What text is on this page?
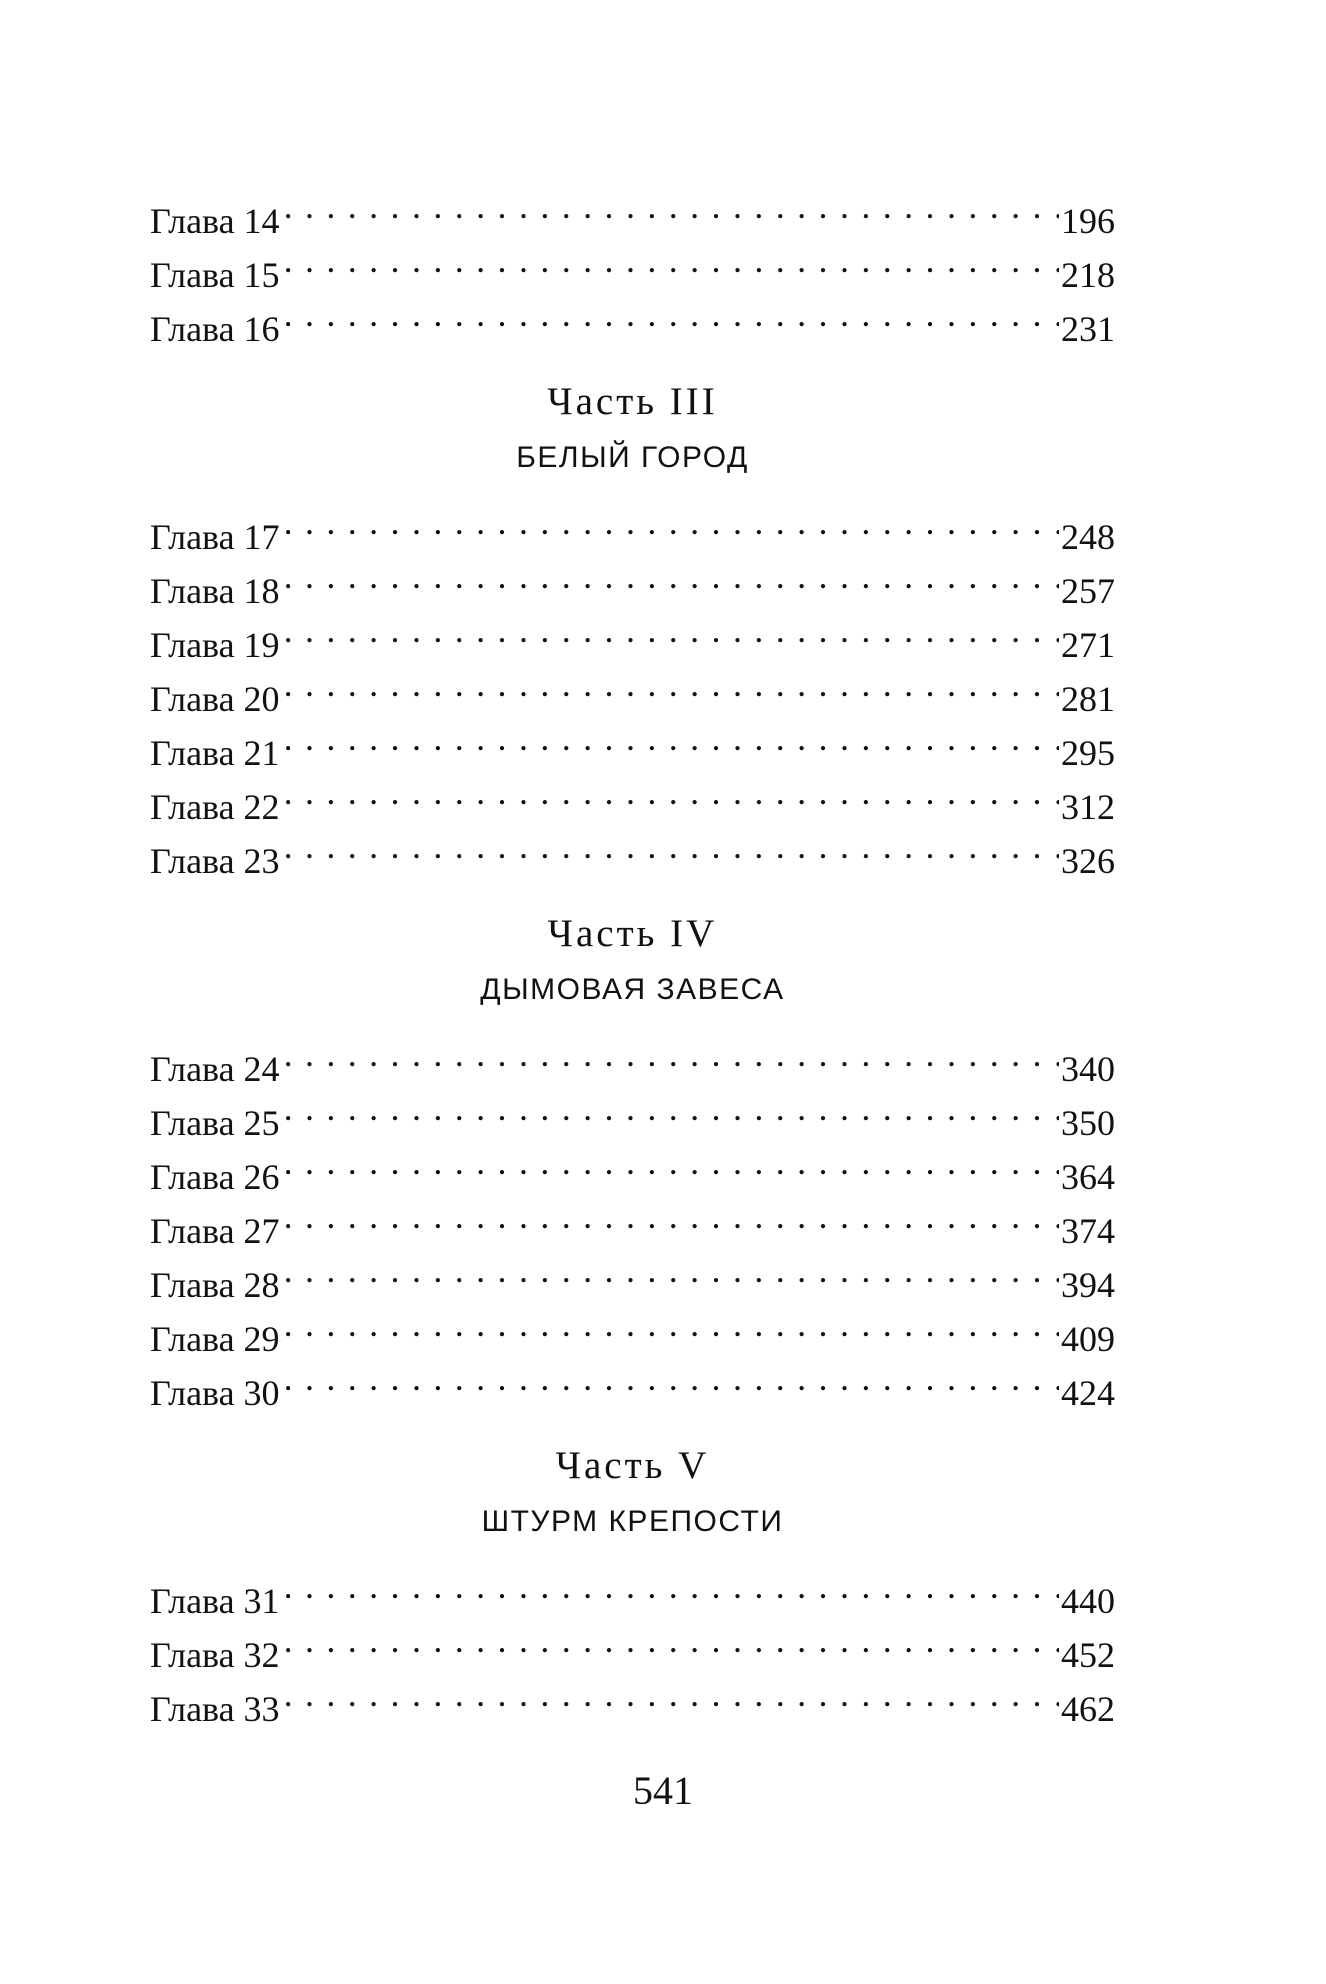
Глава 14 . . .	196
Глава 15 . . .	218
Глава 16 . . .	231
Часть III
БЕЛЫЙ ГОРОД
Глава 17 . . .	248
Глава 18 . . .	257
Глава 19 . . .	271
Глава 20 . . .	281
Глава 21 . . .	295
Глава 22 . . .	312
Глава 23 . . .	326
Часть IV
ДЫМОВАЯ ЗАВЕСА
Глава 24 . . .	340
Глава 25 . . .	350
Глава 26 . . .	364
Глава 27 . . .	374
Глава 28 . . .	394
Глава 29 . . .	409
Глава 30 . . .	424
Часть V
ШТУРМ КРЕПОСТИ
Глава 31 . . .	440
Глава 32 . . .	452
Глава 33 . . .	462
541
